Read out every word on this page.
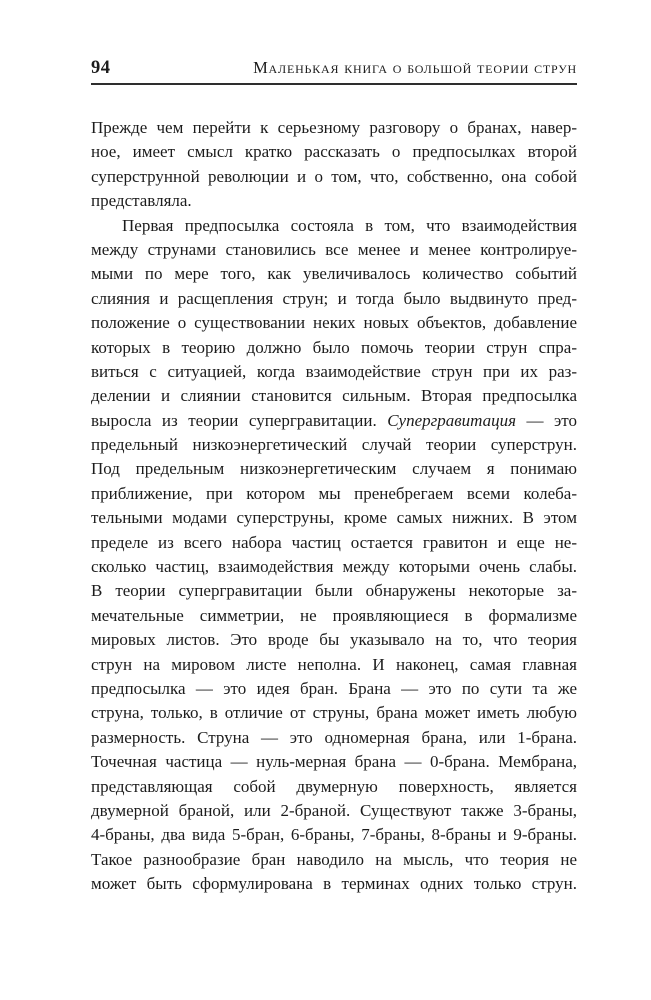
94	Маленькая книга о большой теории струн
Прежде чем перейти к серьезному разговору о бранах, навер-
ное, имеет смысл кратко рассказать о предпосылках второй
суперструнной революции и о том, что, собственно, она собой
представляла.
Первая предпосылка состояла в том, что взаимодействия
между струнами становились все менее и менее контролируе-
мыми по мере того, как увеличивалось количество событий
слияния и расщепления струн; и тогда было выдвинуто пред-
положение о существовании неких новых объектов, добавление
которых в теорию должно было помочь теории струн спра-
виться с ситуацией, когда взаимодействие струн при их раз-
делении и слиянии становится сильным. Вторая предпосылка
выросла из теории супергравитации. Супергравитация — это
предельный низкоэнергетический случай теории суперструн.
Под предельным низкоэнергетическим случаем я понимаю
приближение, при котором мы пренебрегаем всеми колеба-
тельными модами суперструны, кроме самых нижних. В этом
пределе из всего набора частиц остается гравитон и еще не-
сколько частиц, взаимодействия между которыми очень слабы.
В теории супергравитации были обнаружены некоторые за-
мечательные симметрии, не проявляющиеся в формализме
мировых листов. Это вроде бы указывало на то, что теория
струн на мировом листе неполна. И наконец, самая главная
предпосылка — это идея бран. Брана — это по сути та же
струна, только, в отличие от струны, брана может иметь любую
размерность. Струна — это одномерная брана, или 1-брана.
Точечная частица — нуль-мерная брана — 0-брана. Мембрана,
представляющая собой двумерную поверхность, является
двумерной браной, или 2-браной. Существуют также 3-браны,
4-браны, два вида 5-бран, 6-браны, 7-браны, 8-браны и 9-браны.
Такое разнообразие бран наводило на мысль, что теория не
может быть сформулирована в терминах одних только струн.
